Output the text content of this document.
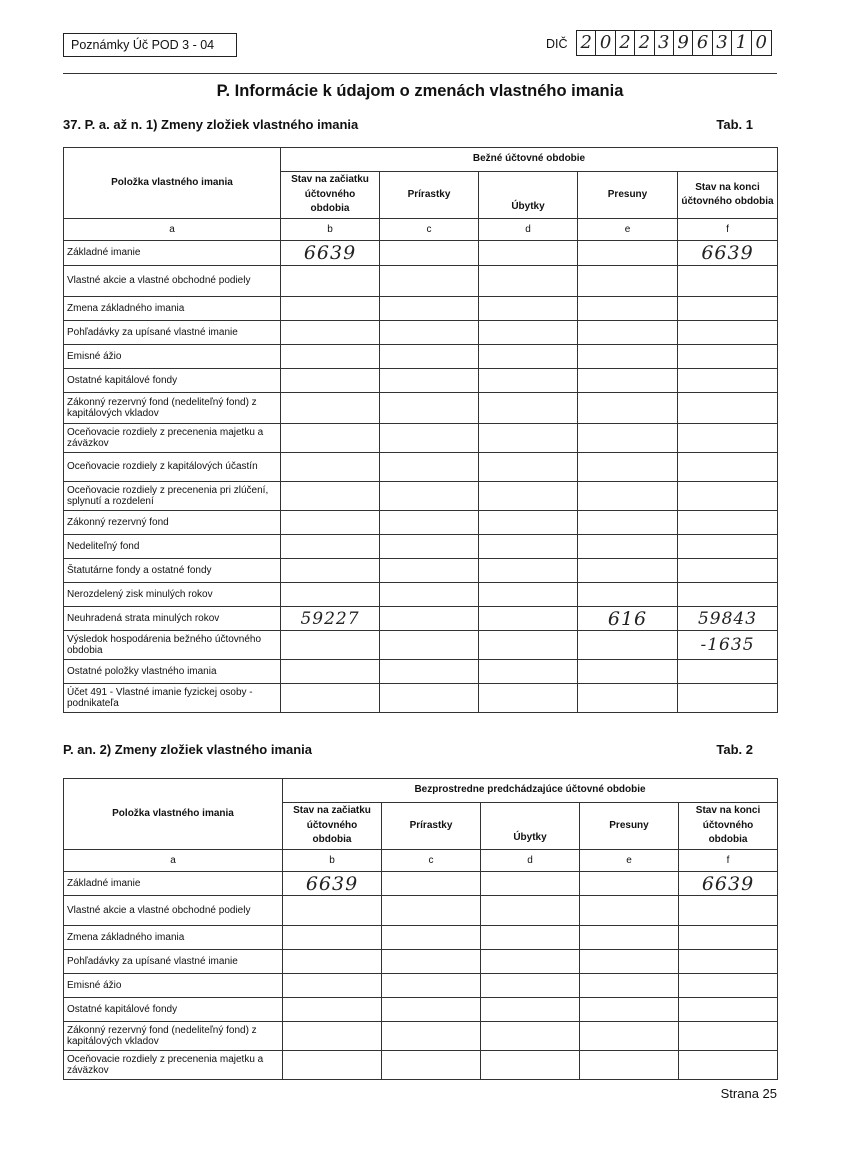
Poznámky Úč POD 3 - 04	DIČ 2 0 2 2 3 9 6 3 1 0
P. Informácie k údajom o zmenách vlastného imania
37. P. a. až n. 1) Zmeny zložiek vlastného imania	Tab. 1
Položka vlastného imania	Bežné účtovné obdobie				
	Stav na začiatku účtovného obdobia	Prírastky	Úbytky	Presuny	Stav na konci účtovného obdobia
a	b	c	d	e	f
Základné imanie	6639				6639
Vlastné akcie a vlastné obchodné podiely					
Zmena základného imania					
Pohľadávky za upísané vlastné imanie					
Emisné ážio					
Ostatné kapitálové fondy					
Zákonný rezervný fond (nedeliteľný fond) z kapitálových vkladov					
Oceňovacie rozdiely z precenenia majetku a záväzkov					
Oceňovacie rozdiely z kapitálových účastín					
Oceňovacie rozdiely z precenenia pri zlúčení, splynutí a rozdelení					
Zákonný rezervný fond					
Nedeliteľný fond					
Štatutárne fondy a ostatné fondy					
Nerozdelený zisk minulých rokov					
Neuhradená strata minulých rokov	59227			616	59843
Výsledok hospodárenia bežného účtovného obdobia					-1635
Ostatné položky vlastného imania					
Účet 491 - Vlastné imanie fyzickej osoby - podnikateľa					
P. an. 2) Zmeny zložiek vlastného imania	Tab. 2
Položka vlastného imania	Bezprostredne predchádzajúce účtovné obdobie				
	Stav na začiatku účtovného obdobia	Prírastky	Úbytky	Presuny	Stav na konci účtovného obdobia
a	b	c	d	e	f
Základné imanie	6639				6639
Vlastné akcie a vlastné obchodné podiely					
Zmena základného imania					
Pohľadávky za upísané vlastné imanie					
Emisné ážio					
Ostatné kapitálové fondy					
Zákonný rezervný fond (nedeliteľný fond) z kapitálových vkladov					
Oceňovacie rozdiely z precenenia majetku a záväzkov					
Strana 25
